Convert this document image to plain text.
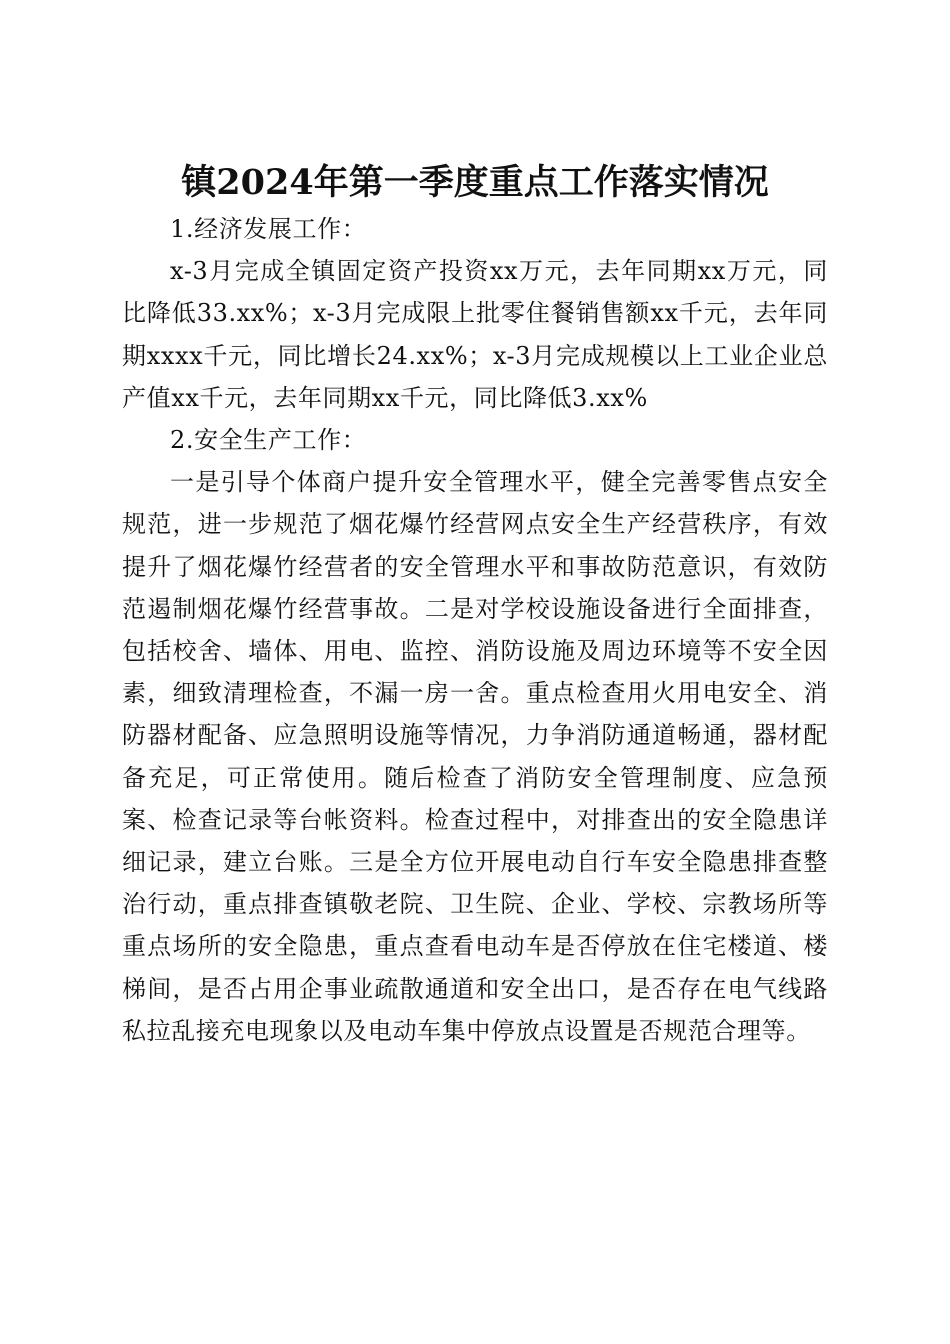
镇2024年第一季度重点工作落实情况

1.经济发展工作：

x-3月完成全镇固定资产投资xx万元，去年同期xx万元，同比降低33.xx%；x-3月完成限上批零住餐销售额xx千元，去年同期xxxx千元，同比增长24.xx%；x-3月完成规模以上工业企业总产值xx千元，去年同期xx千元，同比降低3.xx%

2.安全生产工作：

一是引导个体商户提升安全管理水平，健全完善零售点安全规范，进一步规范了烟花爆竹经营网点安全生产经营秩序，有效提升了烟花爆竹经营者的安全管理水平和事故防范意识，有效防范遏制烟花爆竹经营事故。二是对学校设施设备进行全面排查，包括校舍、墙体、用电、监控、消防设施及周边环境等不安全因素，细致清理检查，不漏一房一舍。重点检查用火用电安全、消防器材配备、应急照明设施等情况，力争消防通道畅通，器材配备充足，可正常使用。随后检查了消防安全管理制度、应急预案、检查记录等台帐资料。检查过程中，对排查出的安全隐患详细记录，建立台账。三是全方位开展电动自行车安全隐患排查整治行动，重点排查镇敬老院、卫生院、企业、学校、宗教场所等重点场所的安全隐患，重点查看电动车是否停放在住宅楼道、楼梯间，是否占用企事业疏散通道和安全出口，是否存在电气线路私拉乱接充电现象以及电动车集中停放点设置是否规范合理等。
